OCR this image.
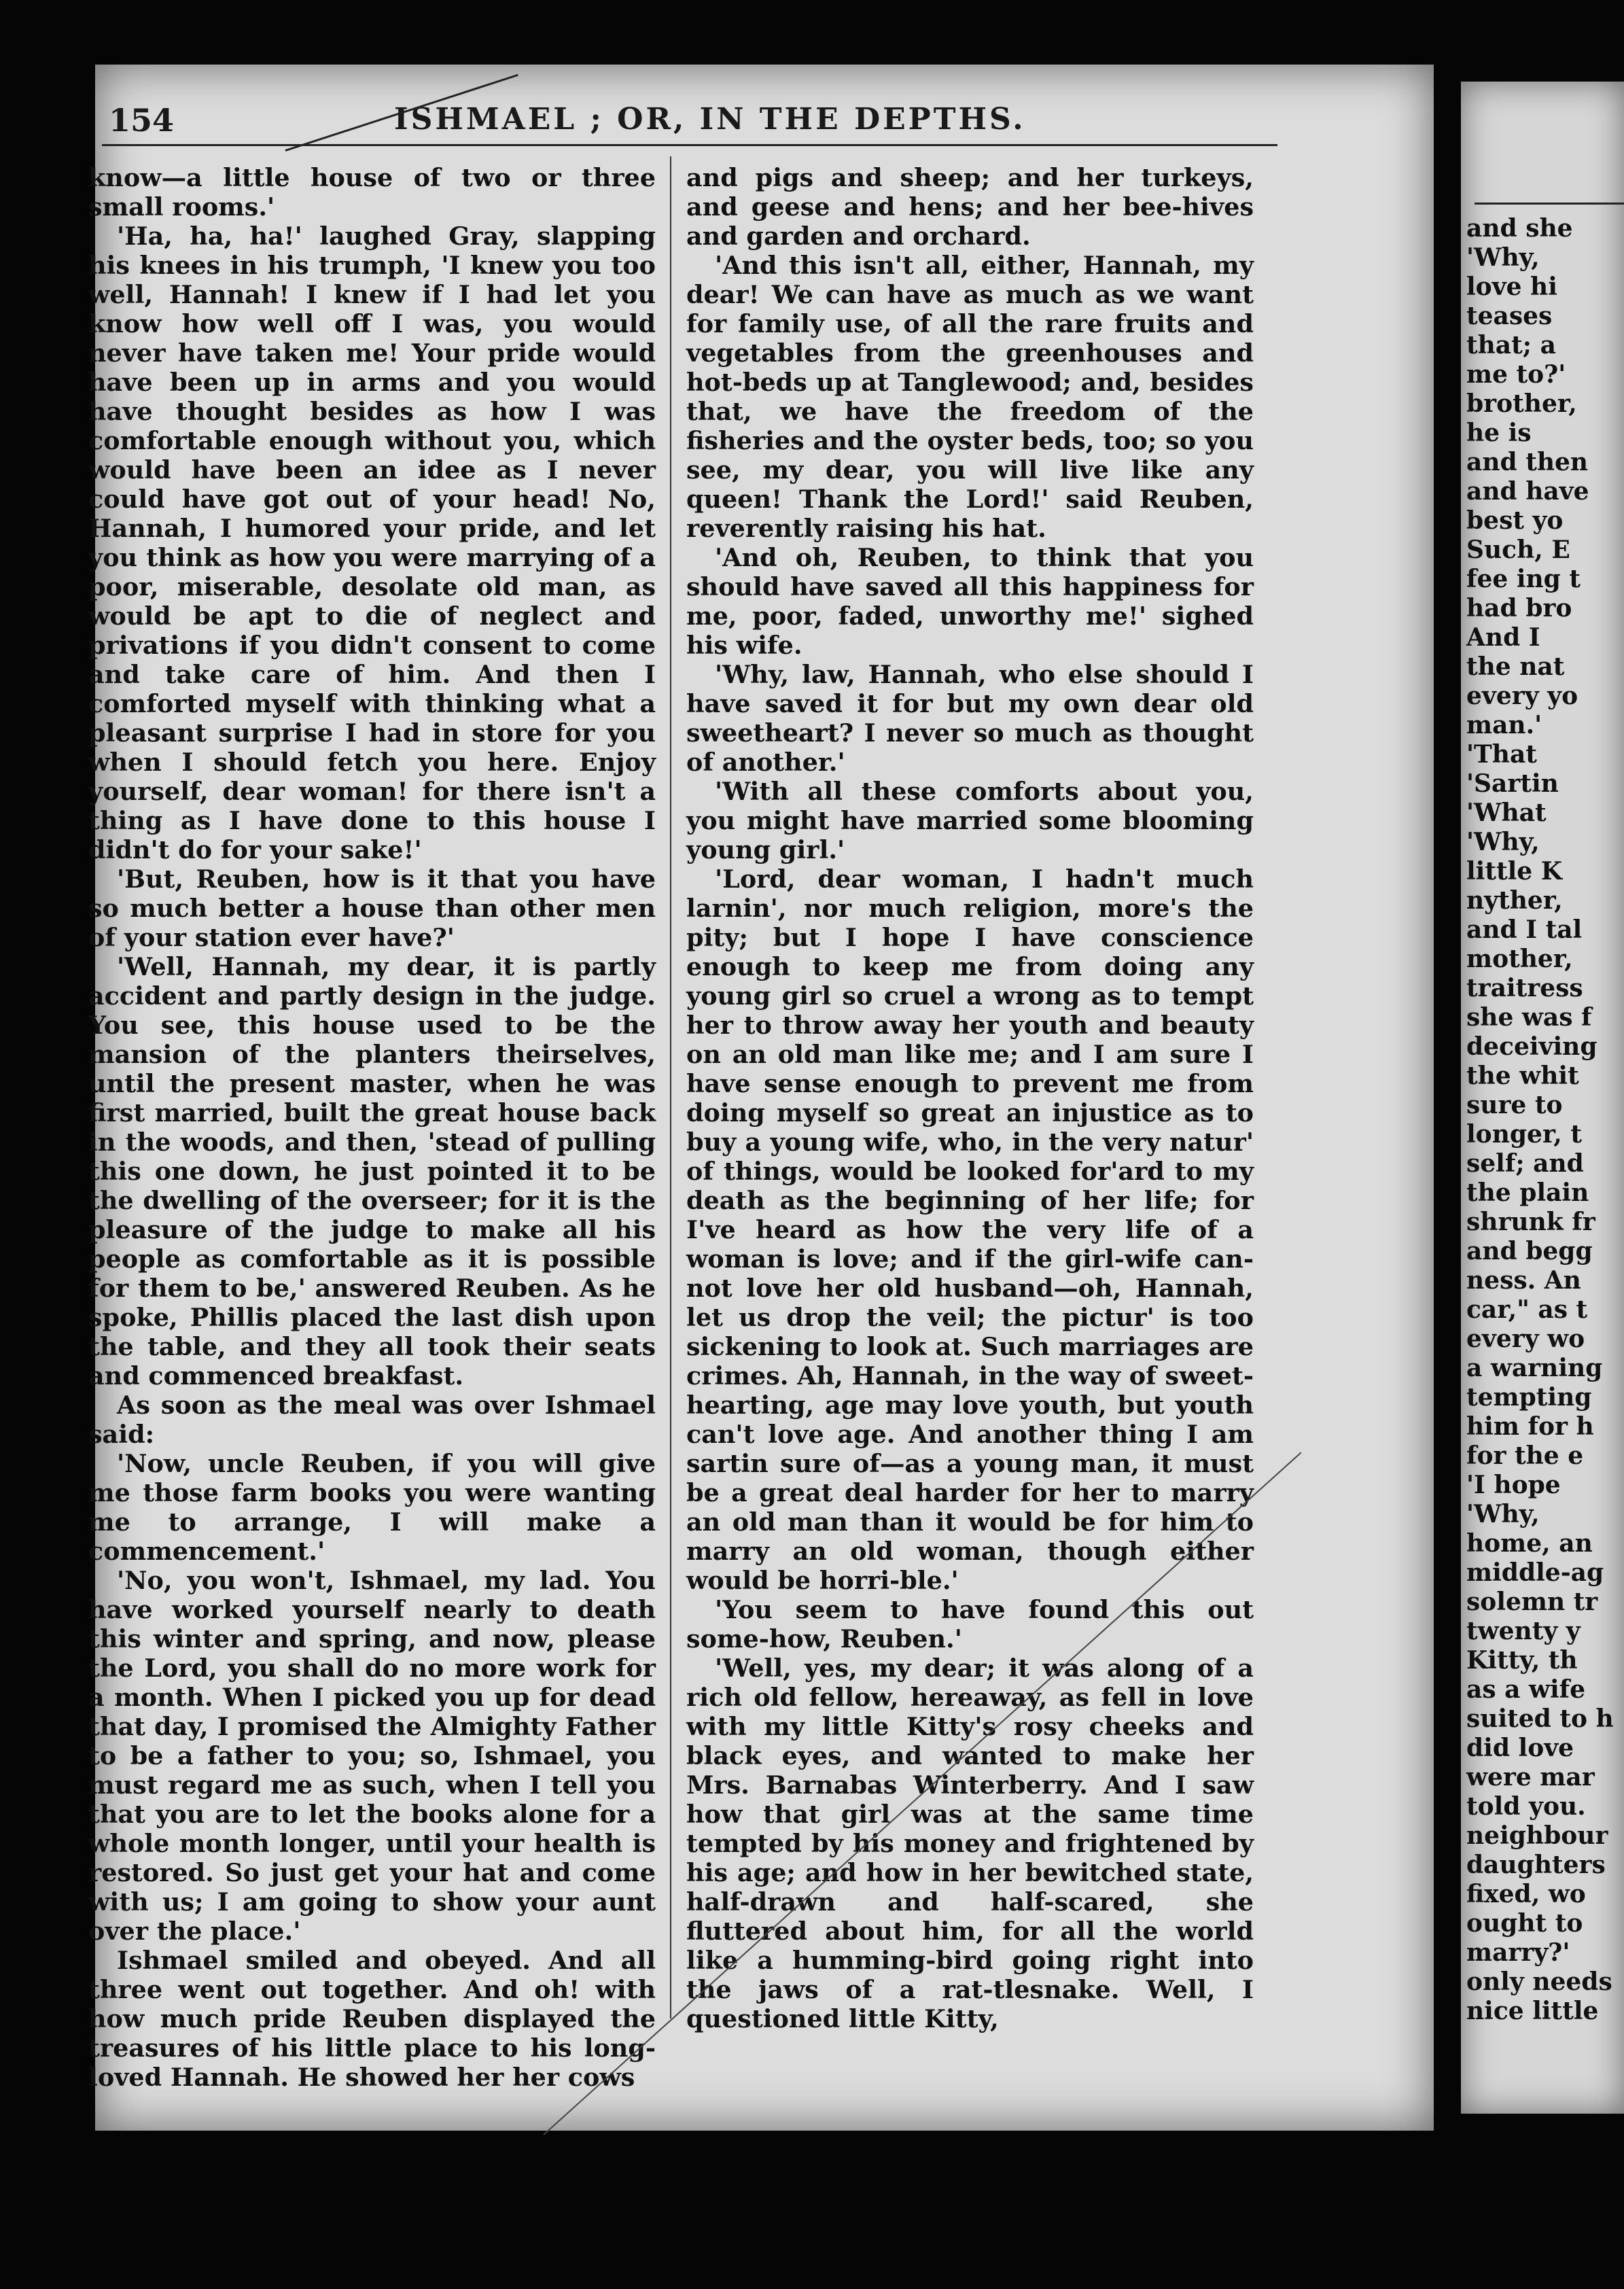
and she
'Why,
love hi
teases
that; a
me to?'
brother,
he is
and then
and have
best yo
Such, E
fee ing t
had bro
And I
the nat
every yo
man.'
'That
'Sartin
'What
'Why,
little K
nyther,
and I tal
mother,
traitress
she was f
deceiving
the whit
sure to
longer, t
self; and
the plain
shrunk fr
and begg
ness. An
car," as t
every wo
a warning
tempting
him for h
for the e
'I hope
'Why,
home, an
middle-ag
solemn tr
twenty y
Kitty, th
as a wife
suited to h
did love
were mar
told you.
neighbour
daughters
fixed, wo
ought to
marry?'
only needs
nice little
154	ISHMAEL ; OR, IN THE DEPTHS.

know—a little house of two or three small rooms.'

'Ha, ha, ha!' laughed Gray, slapping his knees in his trumph, 'I knew you too well, Hannah! I knew if I had let you know how well off I was, you would never have taken me! Your pride would have been up in arms and you would have thought besides as how I was comfortable enough without you, which would have been an idee as I never could have got out of your head! No, Hannah, I humored your pride, and let you think as how you were marrying of a poor, miserable, desolate old man, as would be apt to die of neglect and privations if you didn't consent to come and take care of him. And then I comforted myself with thinking what a pleasant surprise I had in store for you when I should fetch you here. Enjoy yourself, dear woman! for there isn't a thing as I have done to this house I didn't do for your sake!'

'But, Reuben, how is it that you have so much better a house than other men of your station ever have?'

'Well, Hannah, my dear, it is partly accident and partly design in the judge. You see, this house used to be the mansion of the planters theirselves, until the present master, when he was first married, built the great house back in the woods, and then, 'stead of pulling this one down, he just pointed it to be the dwelling of the overseer; for it is the pleasure of the judge to make all his people as comfortable as it is possible for them to be,' answered Reuben. As he spoke, Phillis placed the last dish upon the table, and they all took their seats and commenced breakfast.

As soon as the meal was over Ishmael said:

'Now, uncle Reuben, if you will give me those farm books you were wanting me to arrange, I will make a commencement.'

'No, you won't, Ishmael, my lad. You have worked yourself nearly to death this winter and spring, and now, please the Lord, you shall do no more work for a month. When I picked you up for dead that day, I promised the Almighty Father to be a father to you; so, Ishmael, you must regard me as such, when I tell you that you are to let the books alone for a whole month longer, until your health is restored. So just get your hat and come with us; I am going to show your aunt over the place.'

Ishmael smiled and obeyed. And all three went out together. And oh! with how much pride Reuben displayed the treasures of his little place to his long-loved Hannah. He showed her her cows

and pigs and sheep; and her turkeys, and geese and hens; and her bee-hives and garden and orchard.

'And this isn't all, either, Hannah, my dear! We can have as much as we want for family use, of all the rare fruits and vegetables from the greenhouses and hot-beds up at Tanglewood; and, besides that, we have the freedom of the fisheries and the oyster beds, too; so you see, my dear, you will live like any queen! Thank the Lord!' said Reuben, reverently raising his hat.

'And oh, Reuben, to think that you should have saved all this happiness for me, poor, faded, unworthy me!' sighed his wife.

'Why, law, Hannah, who else should I have saved it for but my own dear old sweetheart? I never so much as thought of another.'

'With all these comforts about you, you might have married some blooming young girl.'

'Lord, dear woman, I hadn't much larnin', nor much religion, more's the pity; but I hope I have conscience enough to keep me from doing any young girl so cruel a wrong as to tempt her to throw away her youth and beauty on an old man like me; and I am sure I have sense enough to prevent me from doing myself so great an injustice as to buy a young wife, who, in the very natur' of things, would be looked for'ard to my death as the beginning of her life; for I've heard as how the very life of a woman is love; and if the girl-wife can-not love her old husband—oh, Hannah, let us drop the veil; the pictur' is too sickening to look at. Such marriages are crimes. Ah, Hannah, in the way of sweet-hearting, age may love youth, but youth can't love age. And another thing I am sartin sure of—as a young man, it must be a great deal harder for her to marry an old man than it would be for him to marry an old woman, though either would be horri-ble.'

'You seem to have found this out some-how, Reuben.'

'Well, yes, my dear; it was along of a rich old fellow, hereaway, as fell in love with my little Kitty's rosy cheeks and black eyes, and wanted to make her Mrs. Barnabas Winterberry. And I saw how that girl was at the same time tempted by his money and frightened by his age; and how in her bewitched state, half-drawn and half-scared, she fluttered about him, for all the world like a humming-bird going right into the jaws of a rat-tlesnake. Well, I questioned little Kitty,
